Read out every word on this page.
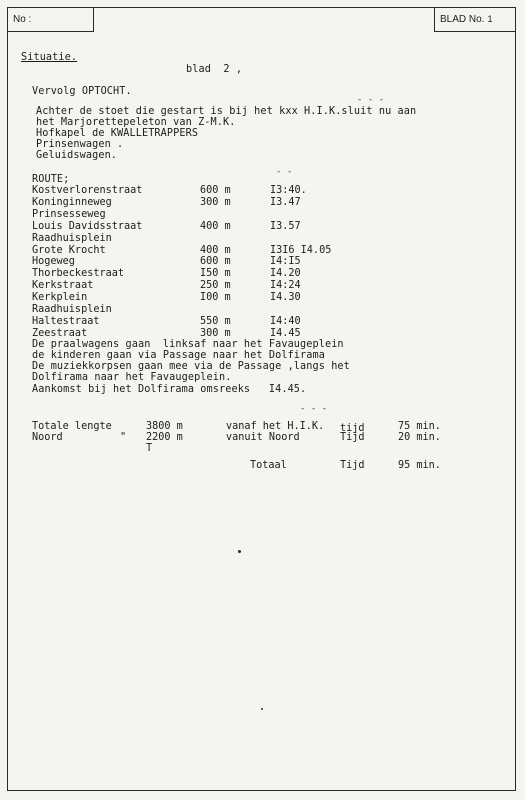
No :	BLAD No. 1
Situatie.
blad  2 ,
Vervolg OPTOCHT.
- - -
Achter de stoet die gestart is bij het kxx H.I.K.sluit nu aan
het Marjorettepeleton van Z-M.K.
Hofkapel de KWALLETRAPPERS
Prinsenwagen .
Geluidswagen.
- -
ROUTE;
Kostverlorenstraat	600 m	I3:40.
Koninginneweg	300 m	I3.47
Prinsesseweg
Louis Davidsstraat	400 m	I3.57
Raadhuisplein
Grote Krocht	400 m	I3I6 I4.05
Hogeweg	600 m	I4:I5
Thorbeckestraat	I50 m	I4.20
Kerkstraat	250 m	I4:24
Kerkplein	I00 m	I4.30
Raadhuisplein
Haltestraat	550 m	I4:40
Zeestraat	300 m	I4.45
De praalwagens gaan  linksaf naar het Favaugeplein
de kinderen gaan via Passage naar het Dolfirama
De muziekkorpsen gaan mee via de Passage ,langs het
Dolfirama naar het Favaugeplein.
Aankomst bij het Dolfirama omsreeks   I4.45.
- - -
Totale lengte	3800 m	vanaf het H.I.K. tijd	75 min.
Noord	" 2200 m	vanuit Noord	Tijd	20 min.
T
Totaal	Tijd	95 min.
